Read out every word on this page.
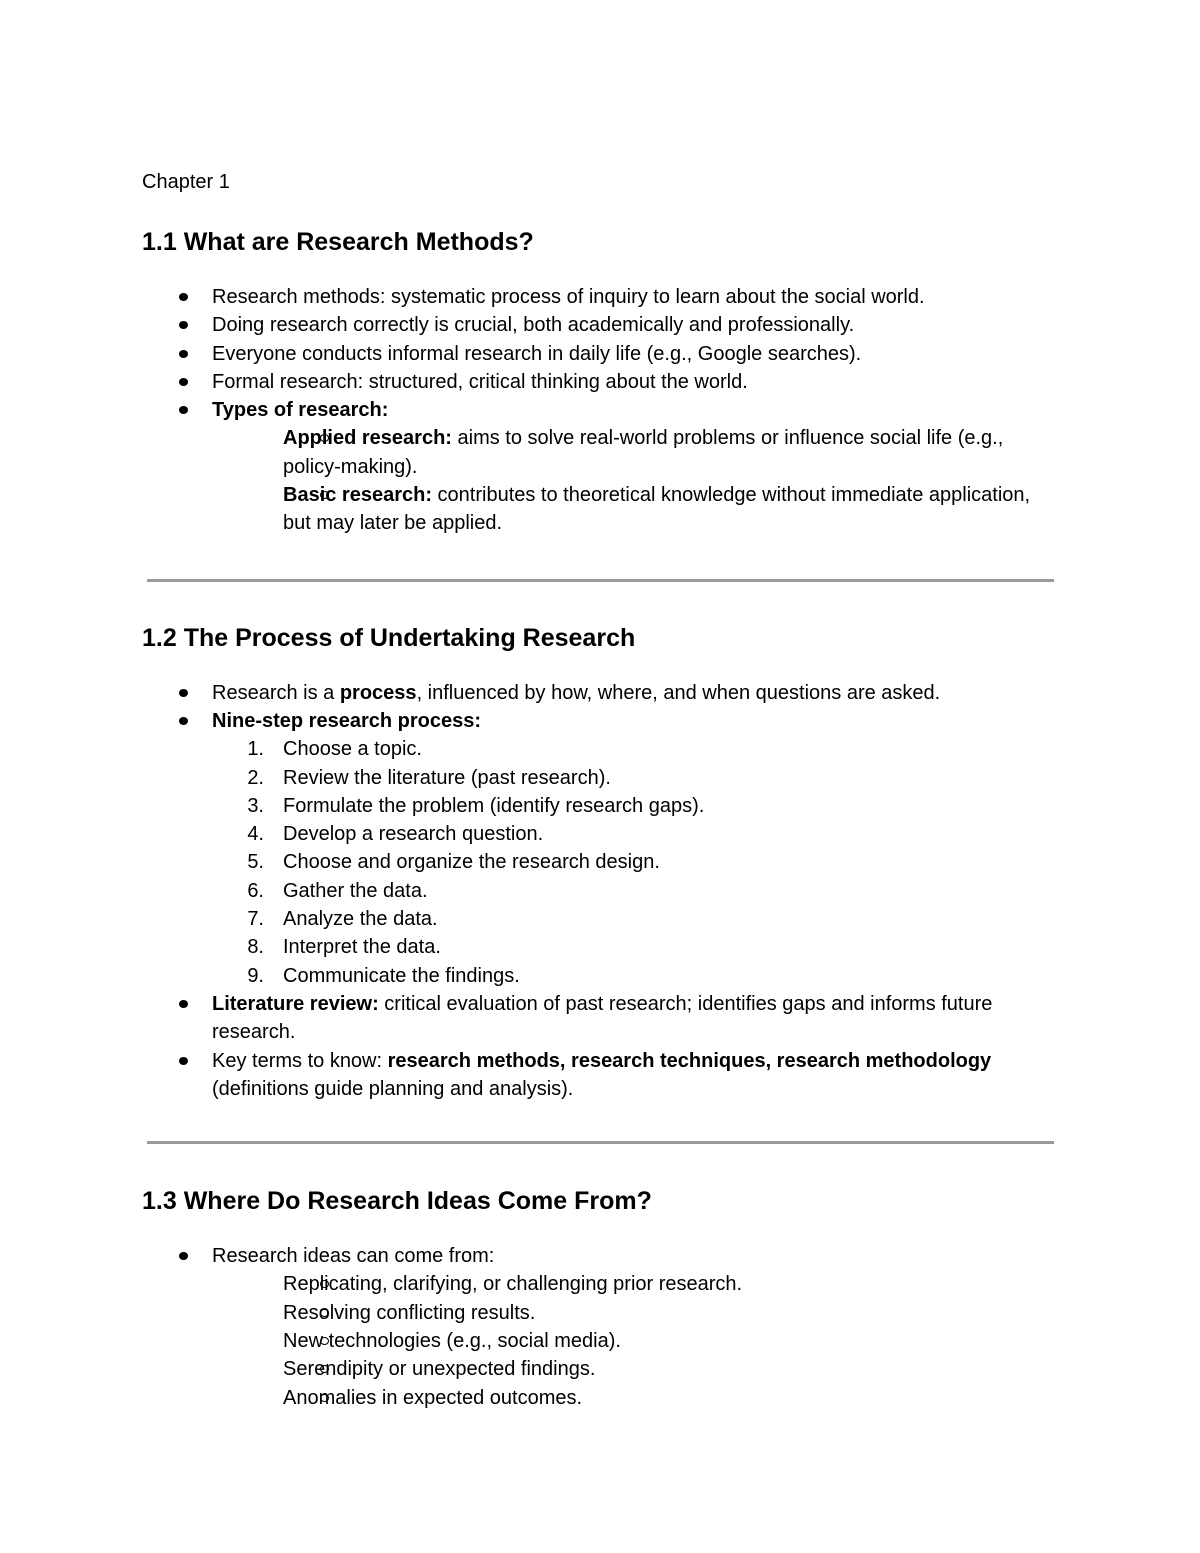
Chapter 1

1.1 What are Research Methods?
Research methods: systematic process of inquiry to learn about the social world.
Doing research correctly is crucial, both academically and professionally.
Everyone conducts informal research in daily life (e.g., Google searches).
Formal research: structured, critical thinking about the world.
Types of research:
Applied research: aims to solve real-world problems or influence social life (e.g., policy-making).
Basic research: contributes to theoretical knowledge without immediate application, but may later be applied.
1.2 The Process of Undertaking Research
Research is a process, influenced by how, where, and when questions are asked.
Nine-step research process:
1. Choose a topic.
2. Review the literature (past research).
3. Formulate the problem (identify research gaps).
4. Develop a research question.
5. Choose and organize the research design.
6. Gather the data.
7. Analyze the data.
8. Interpret the data.
9. Communicate the findings.
Literature review: critical evaluation of past research; identifies gaps and informs future research.
Key terms to know: research methods, research techniques, research methodology (definitions guide planning and analysis).
1.3 Where Do Research Ideas Come From?
Research ideas can come from:
Replicating, clarifying, or challenging prior research.
Resolving conflicting results.
New technologies (e.g., social media).
Serendipity or unexpected findings.
Anomalies in expected outcomes.
